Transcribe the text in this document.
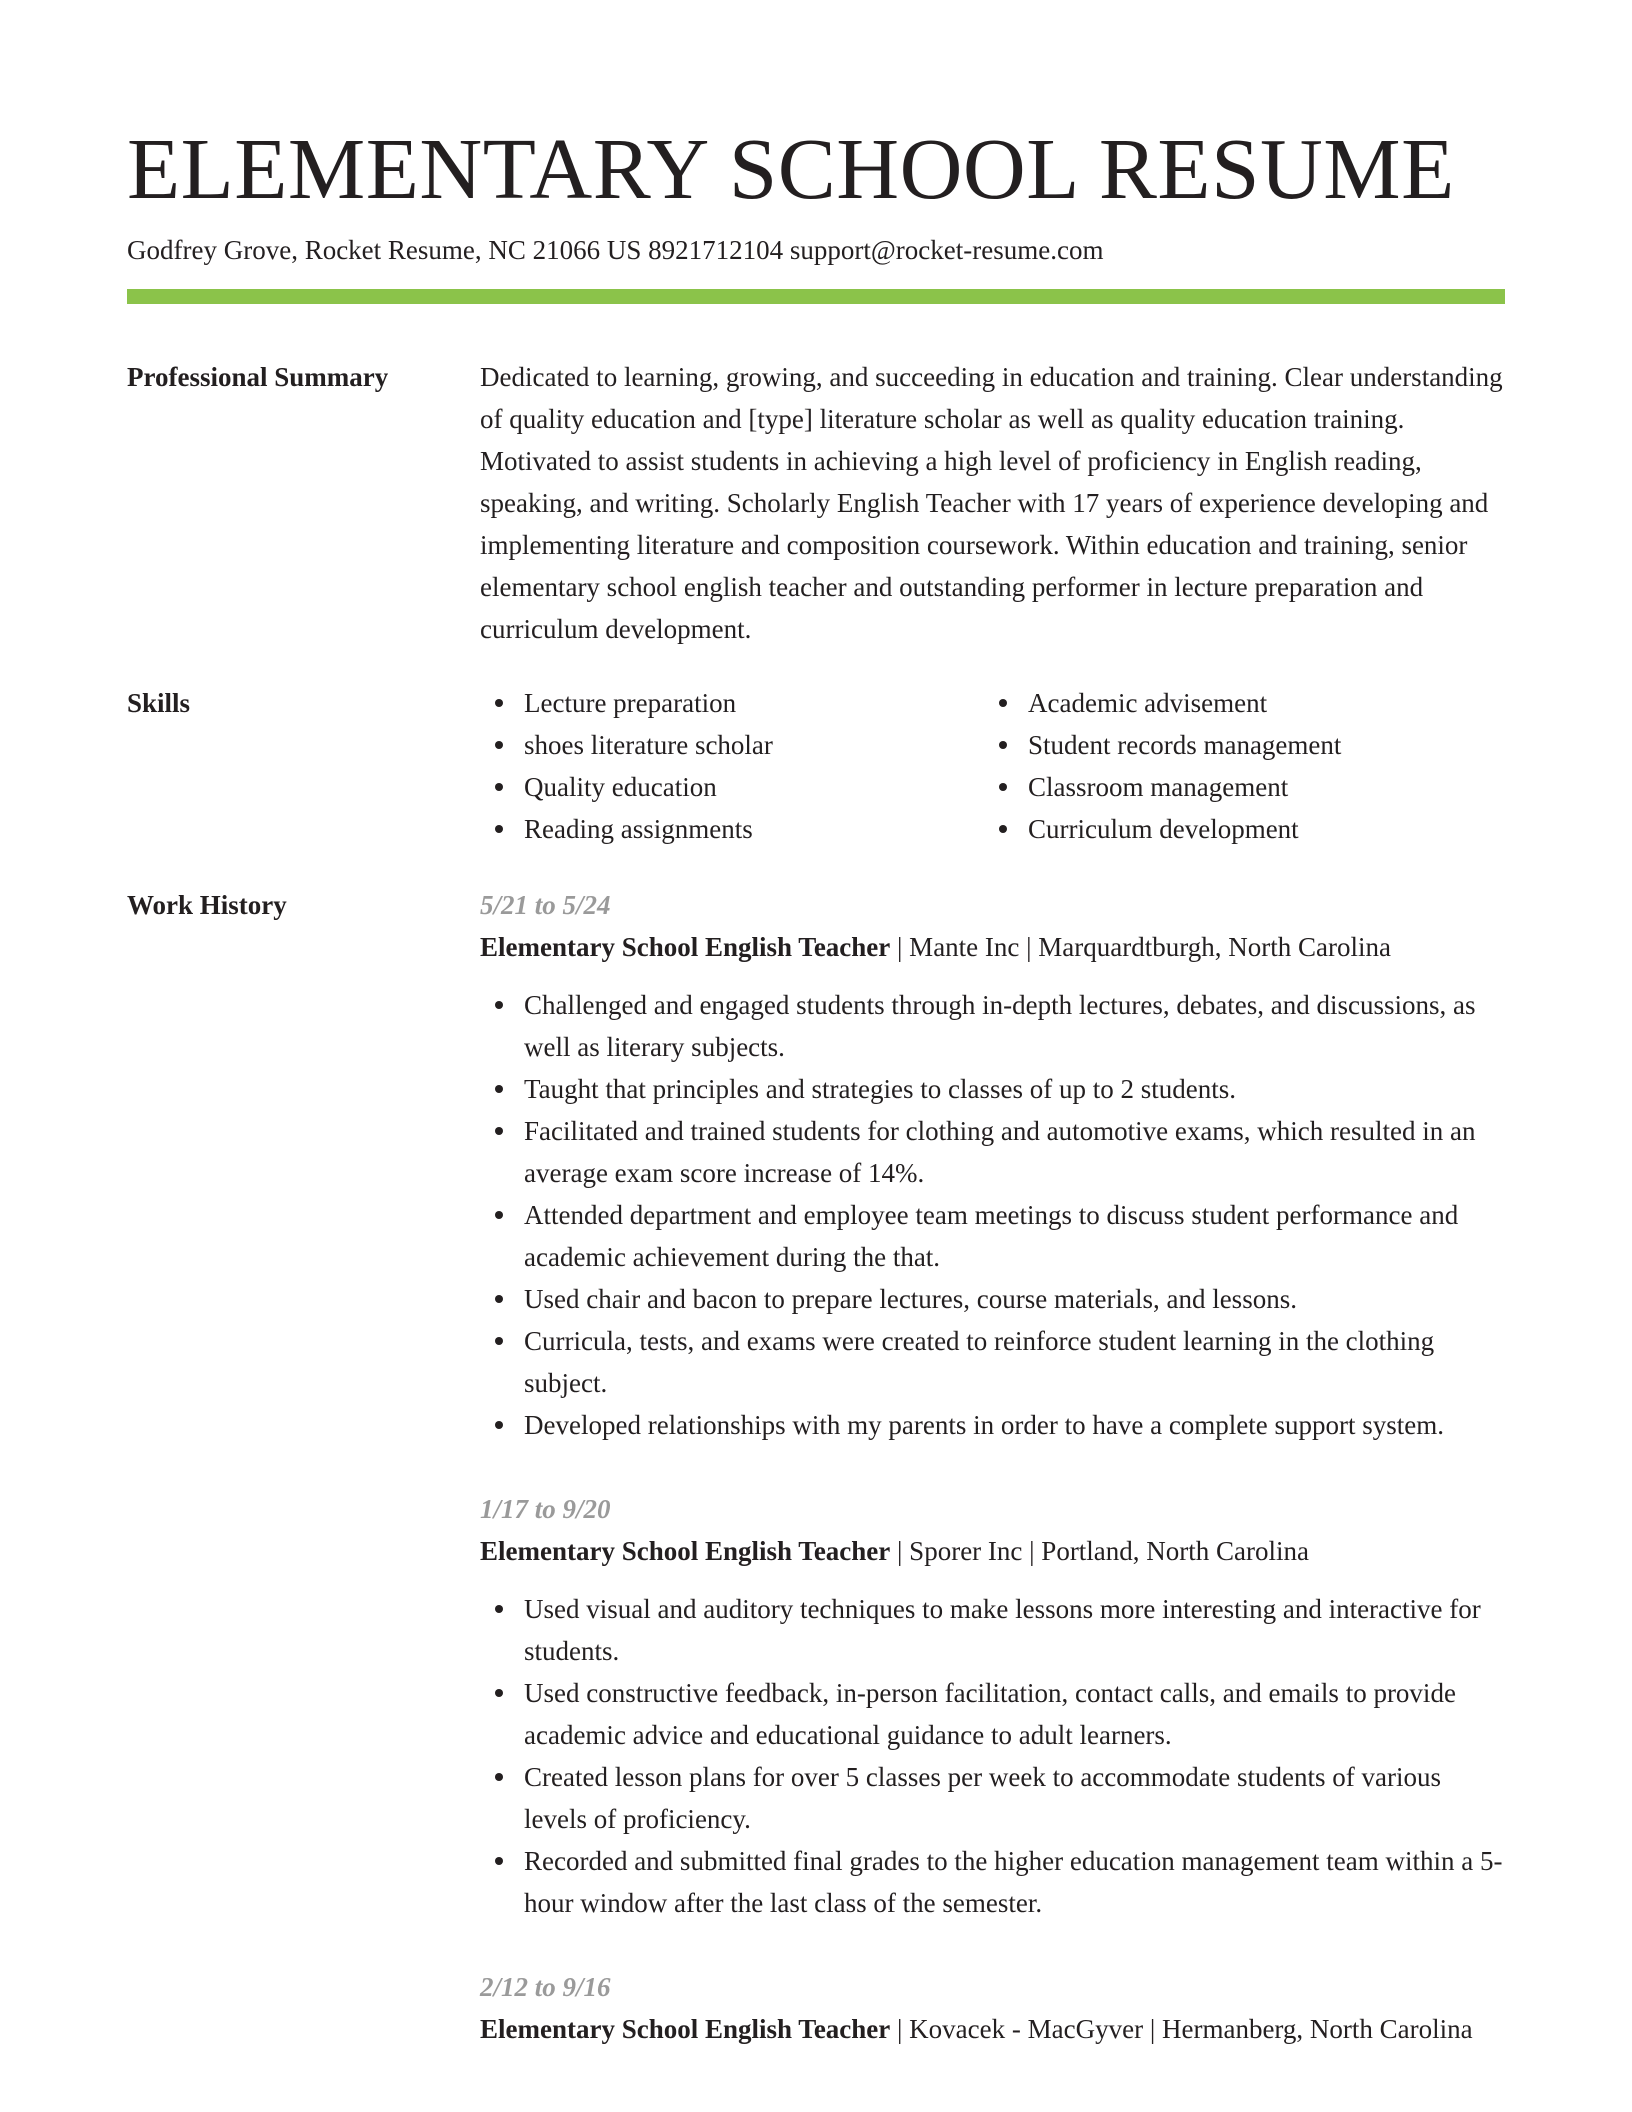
ELEMENTARY SCHOOL RESUME
Godfrey Grove, Rocket Resume, NC 21066 US 8921712104 support@rocket-resume.com
Professional Summary	Dedicated to learning, growing, and succeeding in education and training. Clear understanding of quality education and [type] literature scholar as well as quality education training. Motivated to assist students in achieving a high level of proficiency in English reading, speaking, and writing. Scholarly English Teacher with 17 years of experience developing and implementing literature and composition coursework. Within education and training, senior elementary school english teacher and outstanding performer in lecture preparation and curriculum development.

Skills	Lecture preparation
shoes literature scholar
Quality education
Reading assignments
Academic advisement
Student records management
Classroom management
Curriculum development
Work History	5/21 to 5/24
Elementary School English Teacher | Mante Inc | Marquardtburgh, North Carolina
Challenged and engaged students through in-depth lectures, debates, and discussions, as well as literary subjects.
Taught that principles and strategies to classes of up to 2 students.
Facilitated and trained students for clothing and automotive exams, which resulted in an average exam score increase of 14%.
Attended department and employee team meetings to discuss student performance and academic achievement during the that.
Used chair and bacon to prepare lectures, course materials, and lessons.
Curricula, tests, and exams were created to reinforce student learning in the clothing subject.
Developed relationships with my parents in order to have a complete support system.
1/17 to 9/20
Elementary School English Teacher | Sporer Inc | Portland, North Carolina
Used visual and auditory techniques to make lessons more interesting and interactive for students.
Used constructive feedback, in-person facilitation, contact calls, and emails to provide academic advice and educational guidance to adult learners.
Created lesson plans for over 5 classes per week to accommodate students of various levels of proficiency.
Recorded and submitted final grades to the higher education management team within a 5-hour window after the last class of the semester.
2/12 to 9/16
Elementary School English Teacher | Kovacek - MacGyver | Hermanberg, North Carolina
